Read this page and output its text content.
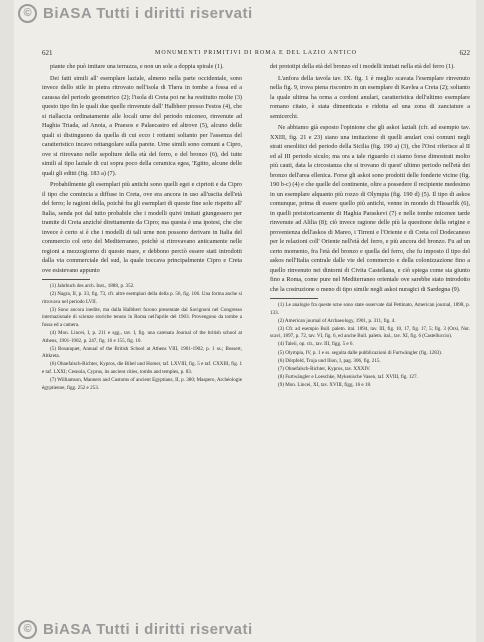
© BiASA Tutti i diritti riservati
621	MONUMENTI PRIMITIVI DI ROMA E DEL LAZIO ANTICO	622

piante che può imitare una terrazza, e non un sole a doppia spirale (1).

Dei fatti simili all' esemplare laziale, almeno nella parte occidentale, sono invece dello stile in pietra ritrovato nell'isola di Thera in tombe a fossa ed a carassa del periodo geometrico (2); l'isola di Creta poi ne ha restituito molte (3) questo tipo fin le quali due quelle rinvenute dall' Halbherr presso Festos (4), che si riallaccia ordinatamente alle locali urne del periodo miceneo, rinvenute ad Haghia Triada, ad Anoia, a Praesos e Palaecastro ed altrove (5), alcuno delle quali si distinguono da quella di cui ecco i rottami soltanto per l'assenza del caratteristico incavo rettangolare sulla parete. Urne simili sono comuni a Cipro, ove si ritrovano nelle sepolture della età del ferro, e del bronzo (6), del tutte simili al tipo laziale di cui sopra poco della ceramica egea, 'Egitto, alcune delle quali gli editti (fig. 183 a) (7).

Probabilmente gli esemplari più antichi sono quelli egei e ciprioti e da Cipro il tipo che comincia a diffuse in Creta, ove era ancora in uso all'uscita dell'età del ferro; le ragioni della, poichè fra gli esemplari di queste fine sole rispetto all' Italia, senda poi dal tutto probabile che i modelli quivi imitati giungessero per tramite di Creta anziché direttamente da Cipro; ma questa è una ipotesi, che che invece è certo si è che i modelli di tali urne non possono derivare in Italia del commercio col orto del Mediterraneo, poichè si ritrovavano anticamente nelle regioni a mezzogiorno di questo mare, e debbono perciò essere stati introdotti dalla via commerciale del sud, la quale toccava principalmente Cipro e Creta ove esistevano appunto

(1) Jahrbuch des arch. Inst., 1888, p. 352.

(2) Nagra, II, p. 33, fig. 73, cfr. altre esemplari della della p. 56, fig. 106. Una forma anche si ritrovava nel periodo LVII.

(3) Sono ancora inedite, ma dalla Halbherr furono presentate dal Savignoni nel Congresso internazionale di scienze storiche tenuto in Roma nell'aprile del 1903. Provengono da tombe a fossa ed a camera.

(4) Mon. Lincei, I, p. 211 e sgg., tav. I, fig. una carenata Journal of the british school at Athens, 1901-1902, p. 247, fig. 16 e 155, fig. 10.

(5) Bosanquet, Annual of the British School at Athens VIII, 1901-1902, p. 1 ss.; Bossert, Altkreta.

(6) Ohnefalsch-Richter, Kypros, die Bibel und Homer, taf. LXVIII, fig. 5 e taf. CXXIII, fig. 1 e taf. LXXI; Cesnola, Cyprus, its ancient cities, tombs and temples, p. 83.

(7) Williamson, Manners and Customs of ancient Egyptians, II, p. 380; Maspero, Archéologie égyptienne, figg. 252 e 253.

dei prototipi della età del bronzo ed i modelli imitati nella età del ferro (1).

L'anfora della tavola tav. IX. fig. 1 è meglio scavata l'esemplare rinvenuto nella fig. 9, trova piena riscontro in un esemplare di Kavlea a Creta (2); soltanto la quale ultima ha orma a cordoni anulari, caratteristica dell'ultimo esemplare romano citato, è stata dimenticata e ridotta ad una zona di zanciature a semicerchi.

Ne abbiamo già esposto l'opinione che gli askoi laziali (cfr. ad esempio tav. XXIII, fig. 21 e 23) siano una imitazione di quelli anulari così comuni negli strati eneolitici del periodo della Sicilia (fig. 190 a) (3), che l'Orsi riferisce al II ed al III periodo siculo; ma ora a tale riguardo ci siamo forse dimostrati molto più cauti, data la circostanza che si trovano di quest' ultimo periodo nell'età dei bronzo dell'area ellenica. Forse gli askoi sono prodotti delle fonderie vicine (fig. 190 b-c) (4) e che quelle del continente, oltre a possedere il recipiente medesimo in un esemplare alquanto più rozzo di Olympia (fig. 190 d) (5). Il tipo di askos comunque, prima di essere quello più antichi, venne in mondo di Hissarlik (6), in quelli preistoricamente di Haghia Paraskevi (7) e nelle tombe micenee tarde rinvenute ad Alilia (8); ciò invece ragione delle più la questione della origine e provenienza dell'askos di Mareo, i Tirreni e l'Oriente e di Creta col Dodecaneso per le relazioni coll' Oriente nell'età del ferro, e più ancora del bronzo. Fu ad un certo momento, fra l'età del bronzo e quella del ferro, che fu imposto il tipo del askos nell'Italia centrale dalle vie del commercio e della colonizzazione fino a quello rinvenuto nei dintorni di Civita Castellana, e ciò spiega come sia giunto fino a Roma, come pure nel Mediterraneo orientale ove sarebbe stato introdotto che la costruzione o meno di tipo simile negli askoi nuragici di Sardegna (9).

(1) Le analogie fra queste urne sono state osservate dal Pettinato, American journal, 1898, p. 133.

(2) American journal of Archaeology, 1901, p. 311, fig. 4.

(3) Cfr. ad esempio Bull. paletn. ital. 1894, tav. III, fig. 10, 17, fig. 17, 5; fig. 3 (Orsi, Not. scavi, 1897, p. 72, tav. VI, fig. 6, ed anche Bull. paletn. ital., tav. XI, fig. 6 (Castelluccio).

(4) Taleii, op. cit., tav. III, figg. 5 e 6.

(5) Olympia, IV, p. 1 e ss. seguita dalle pubblicazioni di Furtwängler (fig. 1283).

(6) Dörpfeld, Troja und Ilion, I, pag. 306, fig. 215.

(7) Ohnefalsch-Richter, Kypros, tav. XXXIV.

(8) Furtwängler e Loeschke, Mykenische Vasen, taf. XVIII, fig. 127.

(9) Mon. Lincei, XI, tav. XVIII, figg. 16 e 18.

© BiASA Tutti i diritti riservati
